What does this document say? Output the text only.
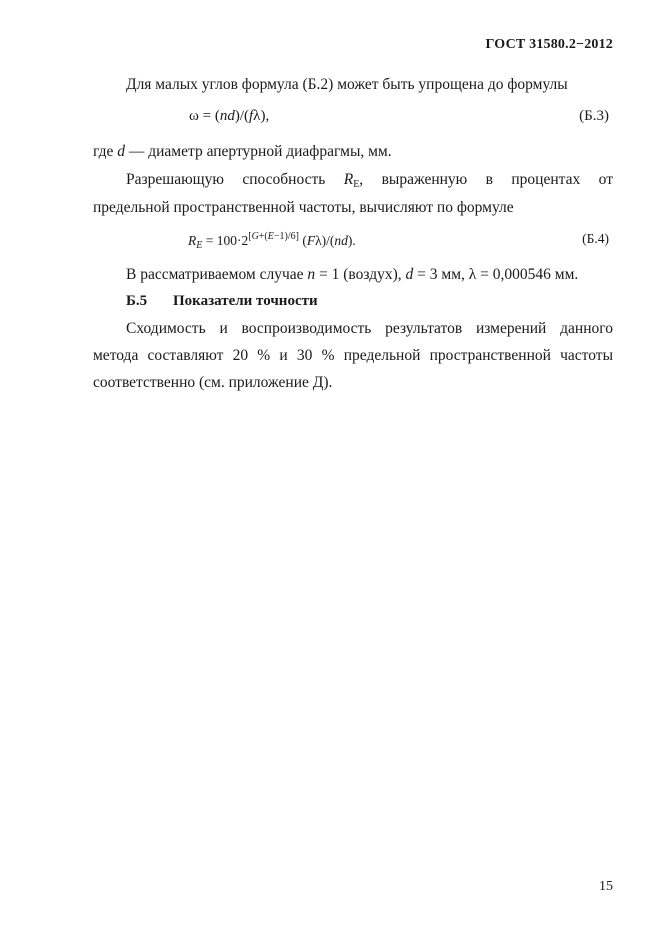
ГОСТ 31580.2−2012
Для малых углов формула (Б.2) может быть упрощена до формулы
ω = (nd)/(fλ),	(Б.3)
где d — диаметр апертурной диафрагмы, мм.
Разрешающую способность $R_E$, выраженную в процентах от
предельной пространственной частоты, вычисляют по формуле
$R_E = 100\cdot 2[G+(E-1)/6]$ (Fλ)/(nd).	(Б.4)
В рассматриваемом случае n = 1 (воздух), d = 3 мм, λ = 0,000546 мм.
Б.5 Показатели точности
Сходимость и воспроизводимость результатов измерений данного
метода составляют 20 % и 30 % предельной пространственной частоты
соответственно (см. приложение Д).
15
